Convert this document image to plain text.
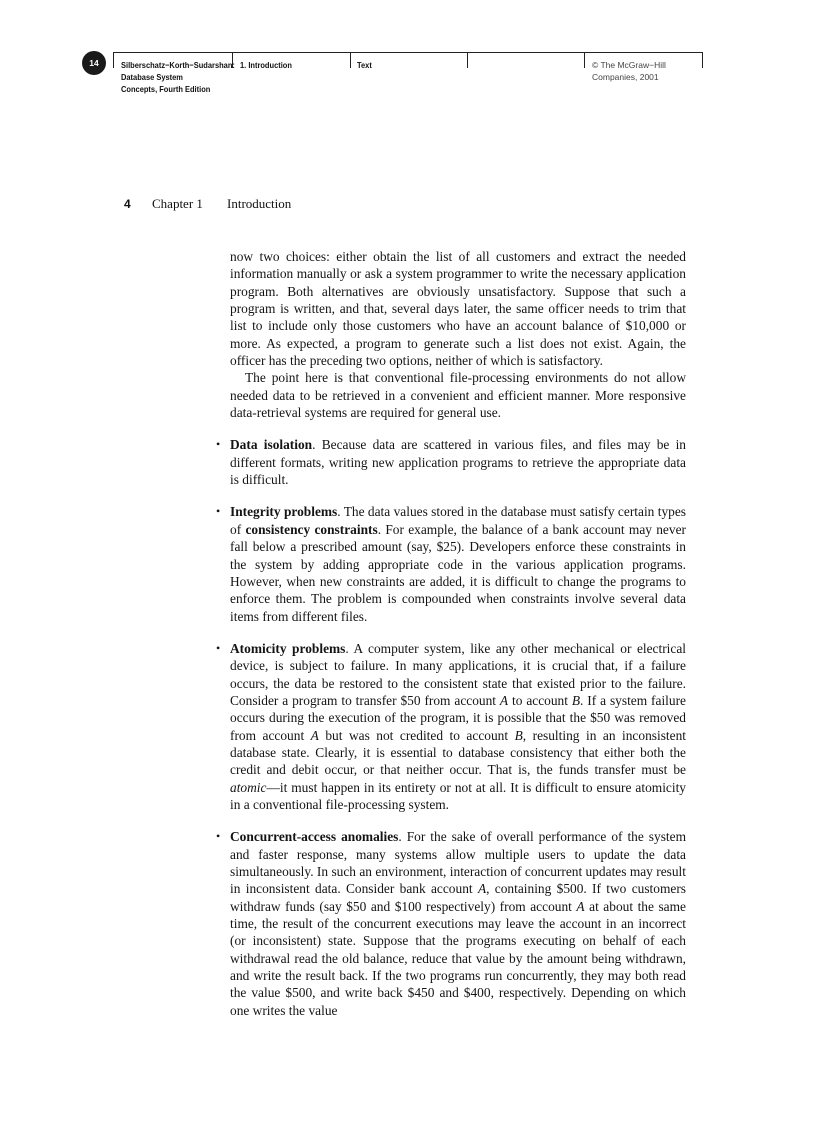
14	Silberschatz−Korth−Sudarshan:
Database System
Concepts, Fourth Edition
1. Introduction	Text	© The McGraw−Hill
Companies, 2001
4 Chapter 1 Introduction

now two choices: either obtain the list of all customers and extract the needed information manually or ask a system programmer to write the necessary application program. Both alternatives are obviously unsatisfactory. Suppose that such a program is written, and that, several days later, the same officer needs to trim that list to include only those customers who have an account balance of $10,000 or more. As expected, a program to generate such a list does not exist. Again, the officer has the preceding two options, neither of which is satisfactory.

The point here is that conventional file-processing environments do not allow needed data to be retrieved in a convenient and efficient manner. More responsive data-retrieval systems are required for general use.

• Data isolation. Because data are scattered in various files, and files may be in different formats, writing new application programs to retrieve the appropriate data is difficult.
• Integrity problems. The data values stored in the database must satisfy certain types of consistency constraints. For example, the balance of a bank account may never fall below a prescribed amount (say, $25). Developers enforce these constraints in the system by adding appropriate code in the various application programs. However, when new constraints are added, it is difficult to change the programs to enforce them. The problem is compounded when constraints involve several data items from different files.
• Atomicity problems. A computer system, like any other mechanical or electrical device, is subject to failure. In many applications, it is crucial that, if a failure occurs, the data be restored to the consistent state that existed prior to the failure. Consider a program to transfer $50 from account A to account B. If a system failure occurs during the execution of the program, it is possible that the $50 was removed from account A but was not credited to account B, resulting in an inconsistent database state. Clearly, it is essential to database consistency that either both the credit and debit occur, or that neither occur. That is, the funds transfer must be atomic—it must happen in its entirety or not at all. It is difficult to ensure atomicity in a conventional file-processing system.
• Concurrent-access anomalies. For the sake of overall performance of the system and faster response, many systems allow multiple users to update the data simultaneously. In such an environment, interaction of concurrent updates may result in inconsistent data. Consider bank account A, containing $500. If two customers withdraw funds (say $50 and $100 respectively) from account A at about the same time, the result of the concurrent executions may leave the account in an incorrect (or inconsistent) state. Suppose that the programs executing on behalf of each withdrawal read the old balance, reduce that value by the amount being withdrawn, and write the result back. If the two programs run concurrently, they may both read the value $500, and write back $450 and $400, respectively. Depending on which one writes the value
